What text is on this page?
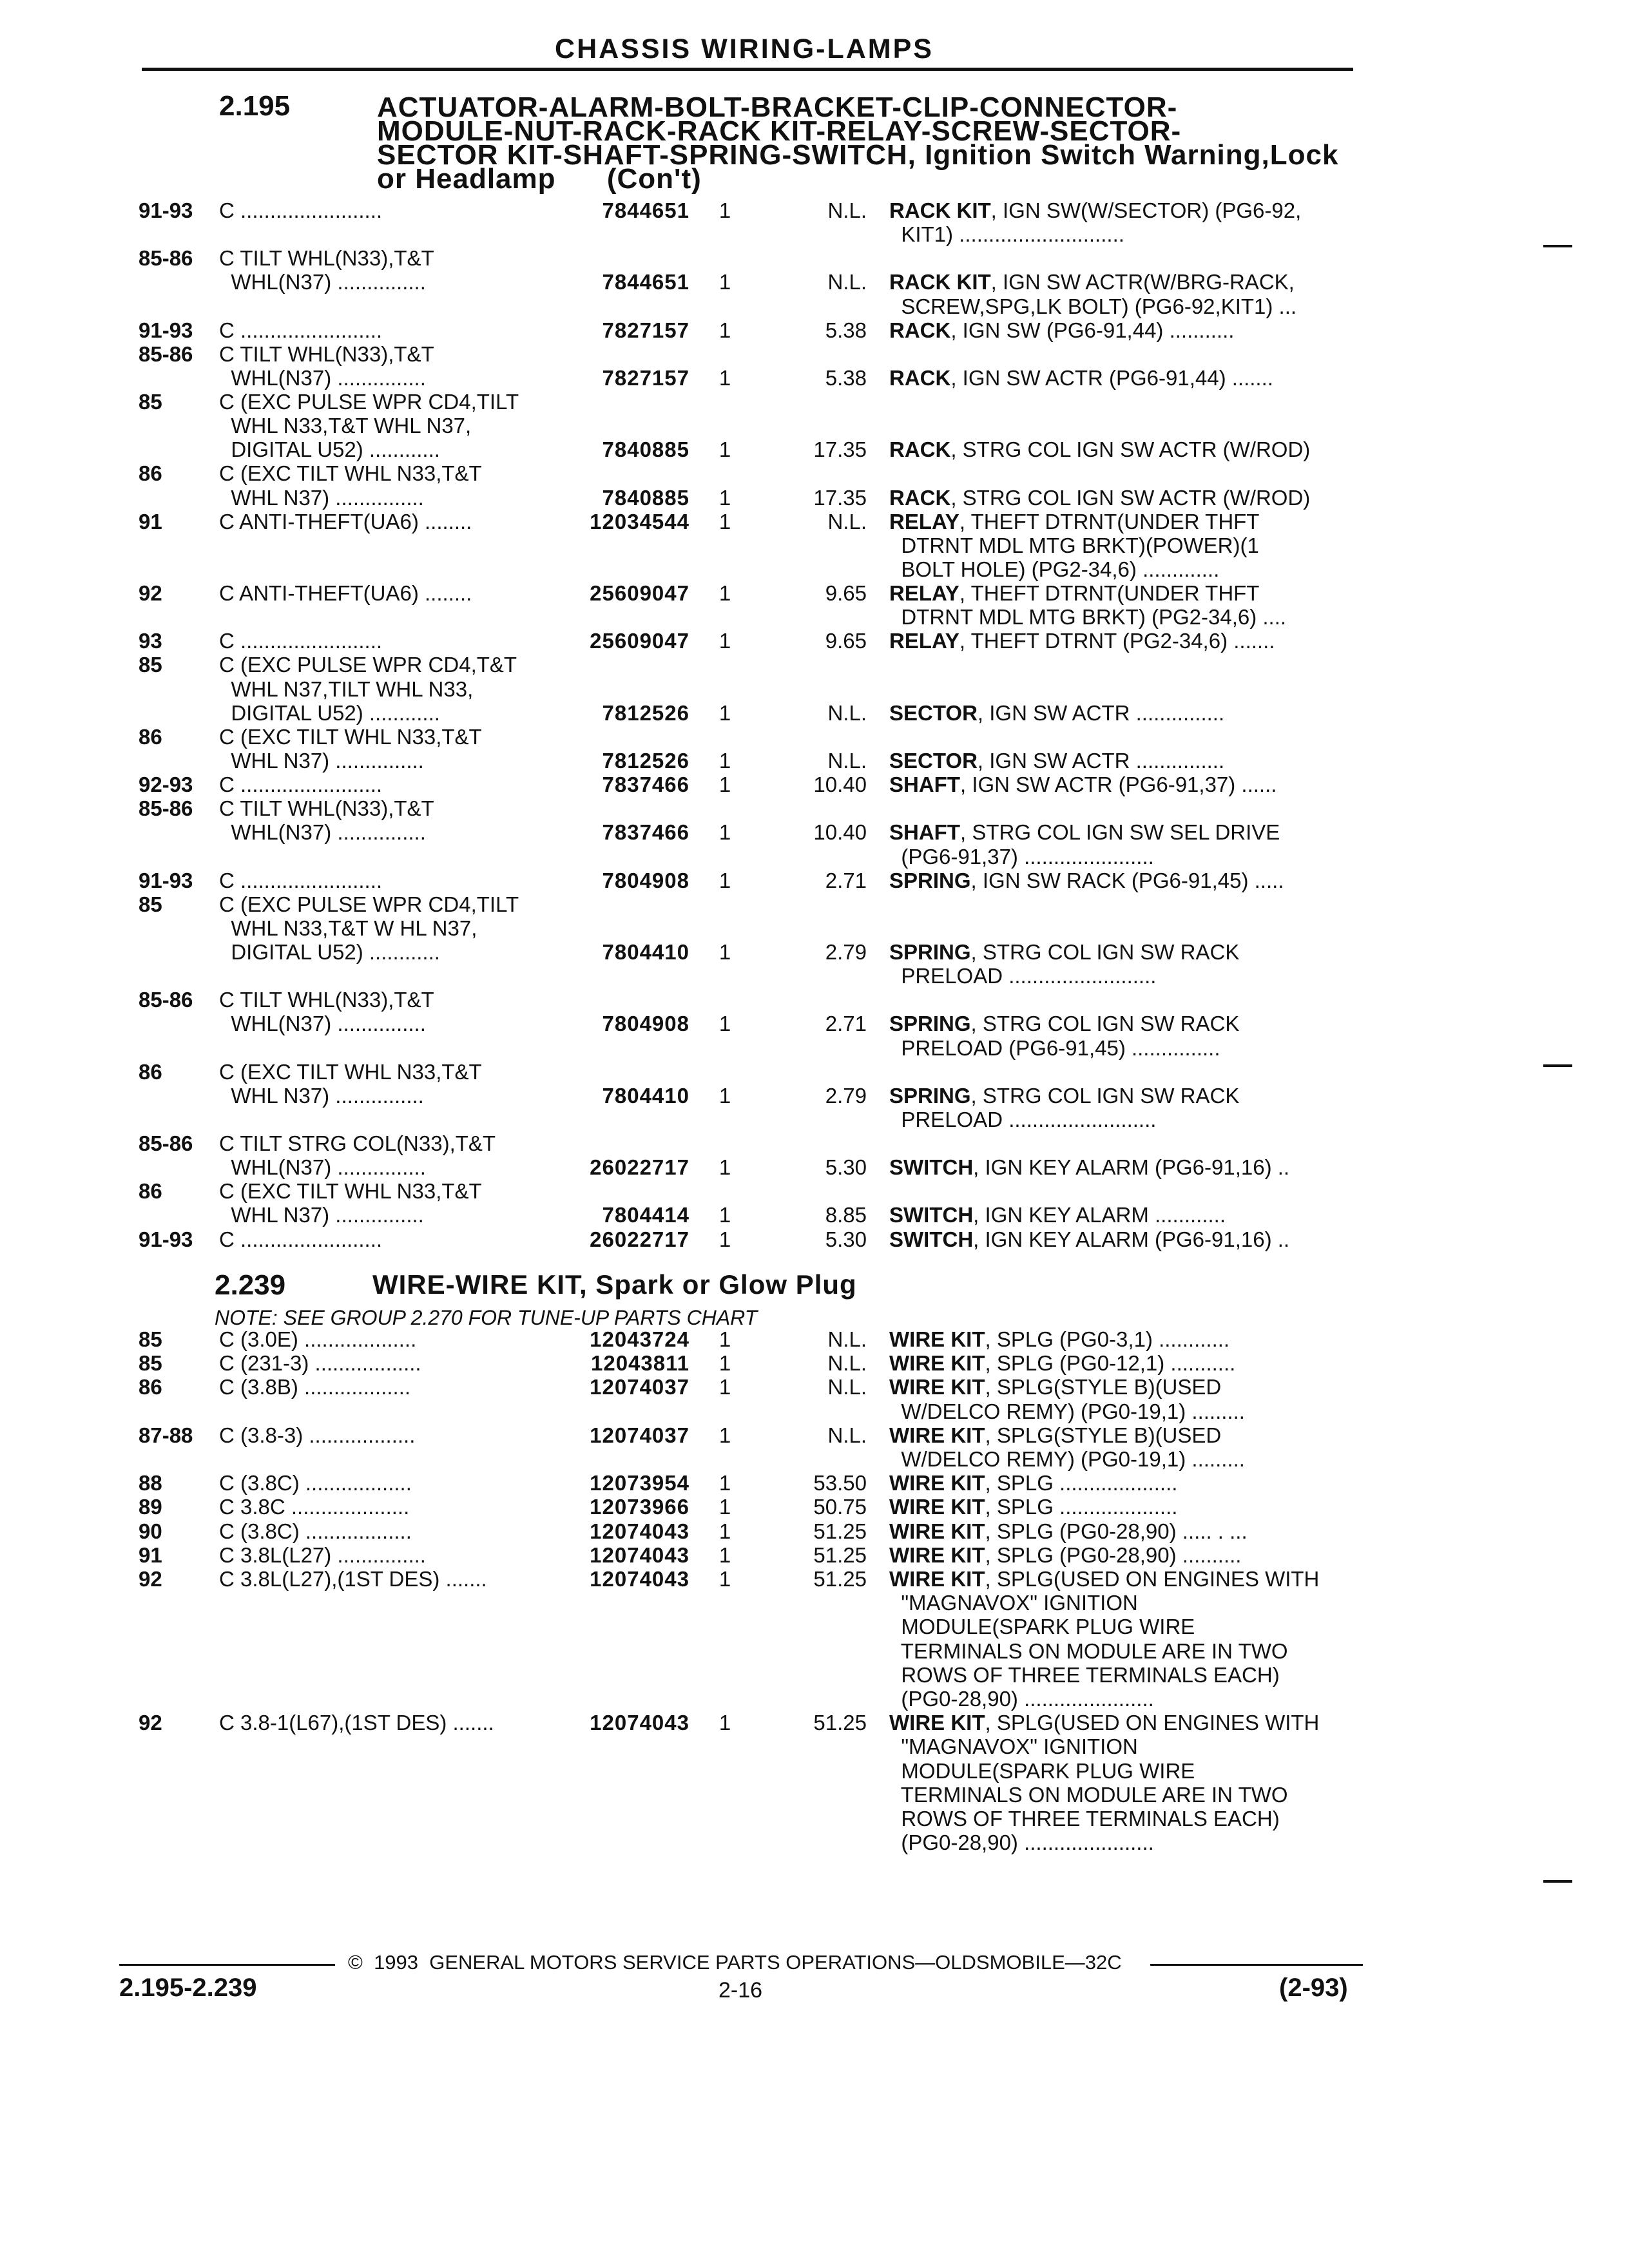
CHASSIS WIRING-LAMPS
2.195	ACTUATOR-ALARM-BOLT-BRACKET-CLIP-CONNECTOR-
MODULE-NUT-RACK-RACK KIT-RELAY-SCREW-SECTOR-
SECTOR KIT-SHAFT-SPRING-SWITCH, Ignition Switch Warning,Lock
or Headlamp      (Con't)
91-93 C ........................	7844651	1	N.L. RACK KIT, IGN SW(W/SECTOR) (PG6-92,
KIT1) ............................
85-86 C TILT WHL(N33),T&T
WHL(N37) ...............	7844651	1	N.L. RACK KIT, IGN SW ACTR(W/BRG-RACK,
SCREW,SPG,LK BOLT) (PG6-92,KIT1) ...
91-93 C ........................	7827157	1	5.38 RACK, IGN SW (PG6-91,44) ...........
85-86 C TILT WHL(N33),T&T
WHL(N37) ...............	7827157	1	5.38 RACK, IGN SW ACTR (PG6-91,44) .......
85	C (EXC PULSE WPR CD4,TILT
WHL N33,T&T WHL N37,
DIGITAL U52) ............	7840885	1	17.35 RACK, STRG COL IGN SW ACTR (W/ROD)
86	C (EXC TILT WHL N33,T&T
WHL N37) ...............	7840885	1	17.35 RACK, STRG COL IGN SW ACTR (W/ROD)
91	C ANTI-THEFT(UA6) ........	12034544	1	N.L. RELAY, THEFT DTRNT(UNDER THFT
DTRNT MDL MTG BRKT)(POWER)(1
BOLT HOLE) (PG2-34,6) .............
92	C ANTI-THEFT(UA6) ........	25609047	1	9.65 RELAY, THEFT DTRNT(UNDER THFT
DTRNT MDL MTG BRKT) (PG2-34,6) ....
93	C ........................	25609047	1	9.65 RELAY, THEFT DTRNT (PG2-34,6) .......
85	C (EXC PULSE WPR CD4,T&T
WHL N37,TILT WHL N33,
DIGITAL U52) ............	7812526	1	N.L. SECTOR, IGN SW ACTR ...............
86	C (EXC TILT WHL N33,T&T
WHL N37) ...............	7812526	1	N.L. SECTOR, IGN SW ACTR ...............
92-93 C ........................	7837466	1	10.40 SHAFT, IGN SW ACTR (PG6-91,37) ......
85-86 C TILT WHL(N33),T&T
WHL(N37) ...............	7837466	1	10.40 SHAFT, STRG COL IGN SW SEL DRIVE
(PG6-91,37) ......................
91-93 C ........................	7804908	1	2.71 SPRING, IGN SW RACK (PG6-91,45) .....
85	C (EXC PULSE WPR CD4,TILT
WHL N33,T&T W HL N37,
DIGITAL U52) ............	7804410	1	2.79 SPRING, STRG COL IGN SW RACK
PRELOAD .........................
85-86 C TILT WHL(N33),T&T
WHL(N37) ...............	7804908	1	2.71 SPRING, STRG COL IGN SW RACK
PRELOAD (PG6-91,45) ...............
86	C (EXC TILT WHL N33,T&T
WHL N37) ...............	7804410	1	2.79 SPRING, STRG COL IGN SW RACK
PRELOAD .........................
85-86 C TILT STRG COL(N33),T&T
WHL(N37) ...............	26022717	1	5.30 SWITCH, IGN KEY ALARM (PG6-91,16) ..
86	C (EXC TILT WHL N33,T&T
WHL N37) ...............	7804414	1	8.85 SWITCH, IGN KEY ALARM ............
91-93 C ........................	26022717	1	5.30 SWITCH, IGN KEY ALARM (PG6-91,16) ..
2.239	WIRE-WIRE KIT, Spark or Glow Plug
NOTE: SEE GROUP 2.270 FOR TUNE-UP PARTS CHART
85	C (3.0E) ...................	12043724	1	N.L. WIRE KIT, SPLG (PG0-3,1) ............
85	C (231-3) ..................	12043811	1	N.L. WIRE KIT, SPLG (PG0-12,1) ...........
86	C (3.8B) ..................	12074037	1	N.L. WIRE KIT, SPLG(STYLE B)(USED
W/DELCO REMY) (PG0-19,1) .........
87-88 C (3.8-3) ..................	12074037	1	N.L. WIRE KIT, SPLG(STYLE B)(USED
W/DELCO REMY) (PG0-19,1) .........
88	C (3.8C) ..................	12073954	1	53.50 WIRE KIT, SPLG ....................
89	C 3.8C ....................	12073966	1	50.75 WIRE KIT, SPLG ....................
90	C (3.8C) ..................	12074043	1	51.25 WIRE KIT, SPLG (PG0-28,90) ..... . ...
91	C 3.8L(L27) ...............	12074043	1	51.25 WIRE KIT, SPLG (PG0-28,90) ..........
92	C 3.8L(L27),(1ST DES) .......	12074043	1	51.25 WIRE KIT, SPLG(USED ON ENGINES WITH
"MAGNAVOX" IGNITION
MODULE(SPARK PLUG WIRE
TERMINALS ON MODULE ARE IN TWO
ROWS OF THREE TERMINALS EACH)
(PG0-28,90) ......................
92	C 3.8-1(L67),(1ST DES) .......	12074043	1	51.25 WIRE KIT, SPLG(USED ON ENGINES WITH
"MAGNAVOX" IGNITION
MODULE(SPARK PLUG WIRE
TERMINALS ON MODULE ARE IN TWO
ROWS OF THREE TERMINALS EACH)
(PG0-28,90) ......................
©  1993  GENERAL MOTORS SERVICE PARTS OPERATIONS—OLDSMOBILE—32C
2.195-2.239	2-16	(2-93)
